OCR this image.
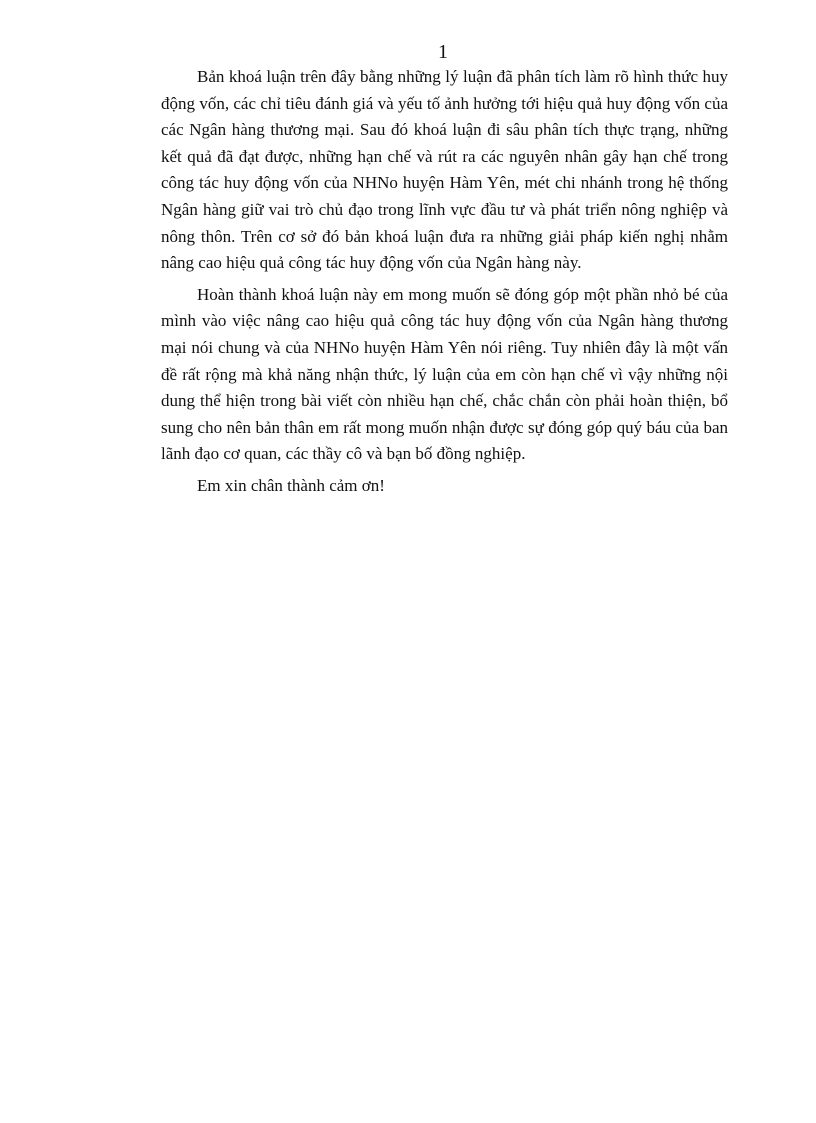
1

Bản khoá luận trên đây bằng những lý luận đã phân tích làm rõ hình thức huy động vốn, các chỉ tiêu đánh giá và yếu tố ảnh hưởng tới hiệu quả huy động vốn của các Ngân hàng thương mại. Sau đó khoá luận đi sâu phân tích thực trạng, những kết quả đã đạt được, những hạn chế và rút ra các nguyên nhân gây hạn chế trong công tác huy động vốn của NHNo huyện Hàm Yên, mét chi nhánh trong hệ thống Ngân hàng giữ vai trò chủ đạo trong lĩnh vực đầu tư và phát triển nông nghiệp và nông thôn. Trên cơ sở đó bản khoá luận đưa ra những giải pháp kiến nghị nhằm nâng cao hiệu quả công tác huy động vốn của Ngân hàng này.

Hoàn thành khoá luận này em mong muốn sẽ đóng góp một phần nhỏ bé của mình vào việc nâng cao hiệu quả công tác huy động vốn của Ngân hàng thương mại nói chung và của NHNo huyện Hàm Yên nói riêng. Tuy nhiên đây là một vấn đề rất rộng mà khả năng nhận thức, lý luận của em còn hạn chế vì vậy những nội dung thể hiện trong bài viết còn nhiều hạn chế, chắc chắn còn phải hoàn thiện, bổ sung cho nên bản thân em rất mong muốn nhận được sự đóng góp quý báu của ban lãnh đạo cơ quan, các thầy cô và bạn bố đồng nghiệp.

Em xin chân thành cảm ơn!
